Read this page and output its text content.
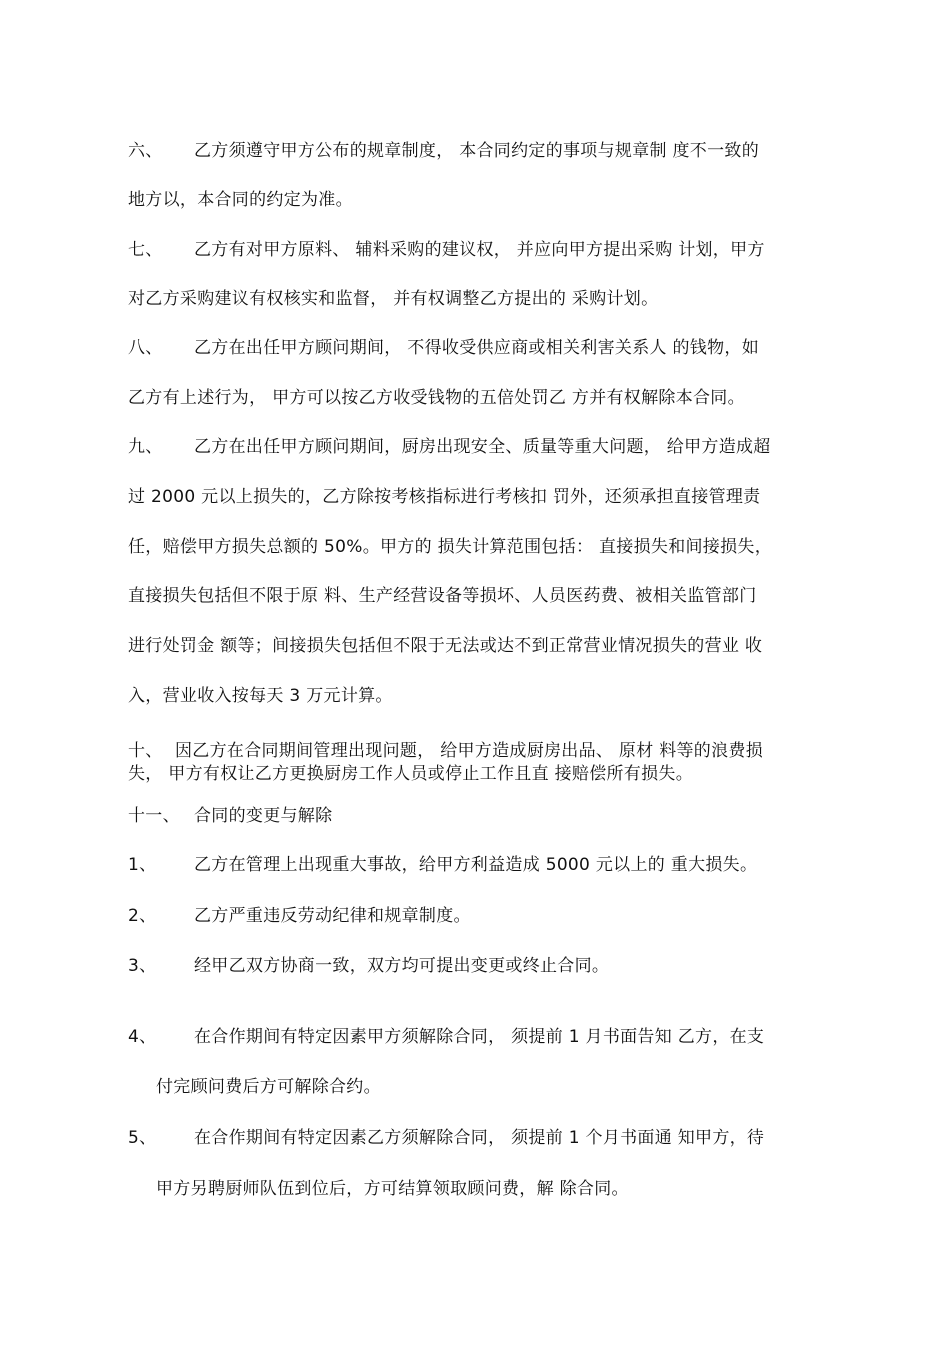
六、 乙方须遵守甲方公布的规章制度， 本合同约定的事项与规章制 度不一致的
地方以，本合同的约定为准。
七、 乙方有对甲方原料、 辅料采购的建议权， 并应向甲方提出采购 计划，甲方
对乙方采购建议有权核实和监督， 并有权调整乙方提出的 采购计划。
八、 乙方在出任甲方顾问期间， 不得收受供应商或相关利害关系人 的钱物，如
乙方有上述行为， 甲方可以按乙方收受钱物的五倍处罚乙 方并有权解除本合同。
九、 乙方在出任甲方顾问期间，厨房出现安全、质量等重大问题， 给甲方造成超
过 2000 元以上损失的，乙方除按考核指标进行考核扣 罚外，还须承担直接管理责
任，赔偿甲方损失总额的 50%。甲方的 损失计算范围包括： 直接损失和间接损失，
直接损失包括但不限于原 料、生产经营设备等损坏、人员医药费、被相关监管部门
进行处罚金 额等；间接损失包括但不限于无法或达不到正常营业情况损失的营业 收
入，营业收入按每天 3 万元计算。
十、 因乙方在合同期间管理出现问题， 给甲方造成厨房出品、 原材 料等的浪费损
失， 甲方有权让乙方更换厨房工作人员或停止工作且直 接赔偿所有损失。
十一、 合同的变更与解除
1、 乙方在管理上出现重大事故，给甲方利益造成 5000 元以上的 重大损失。
2、 乙方严重违反劳动纪律和规章制度。
3、 经甲乙双方协商一致，双方均可提出变更或终止合同。
4、 在合作期间有特定因素甲方须解除合同， 须提前 1 月书面告知 乙方，在支
付完顾问费后方可解除合约。
5、 在合作期间有特定因素乙方须解除合同， 须提前 1 个月书面通 知甲方，待
甲方另聘厨师队伍到位后，方可结算领取顾问费，解 除合同。
